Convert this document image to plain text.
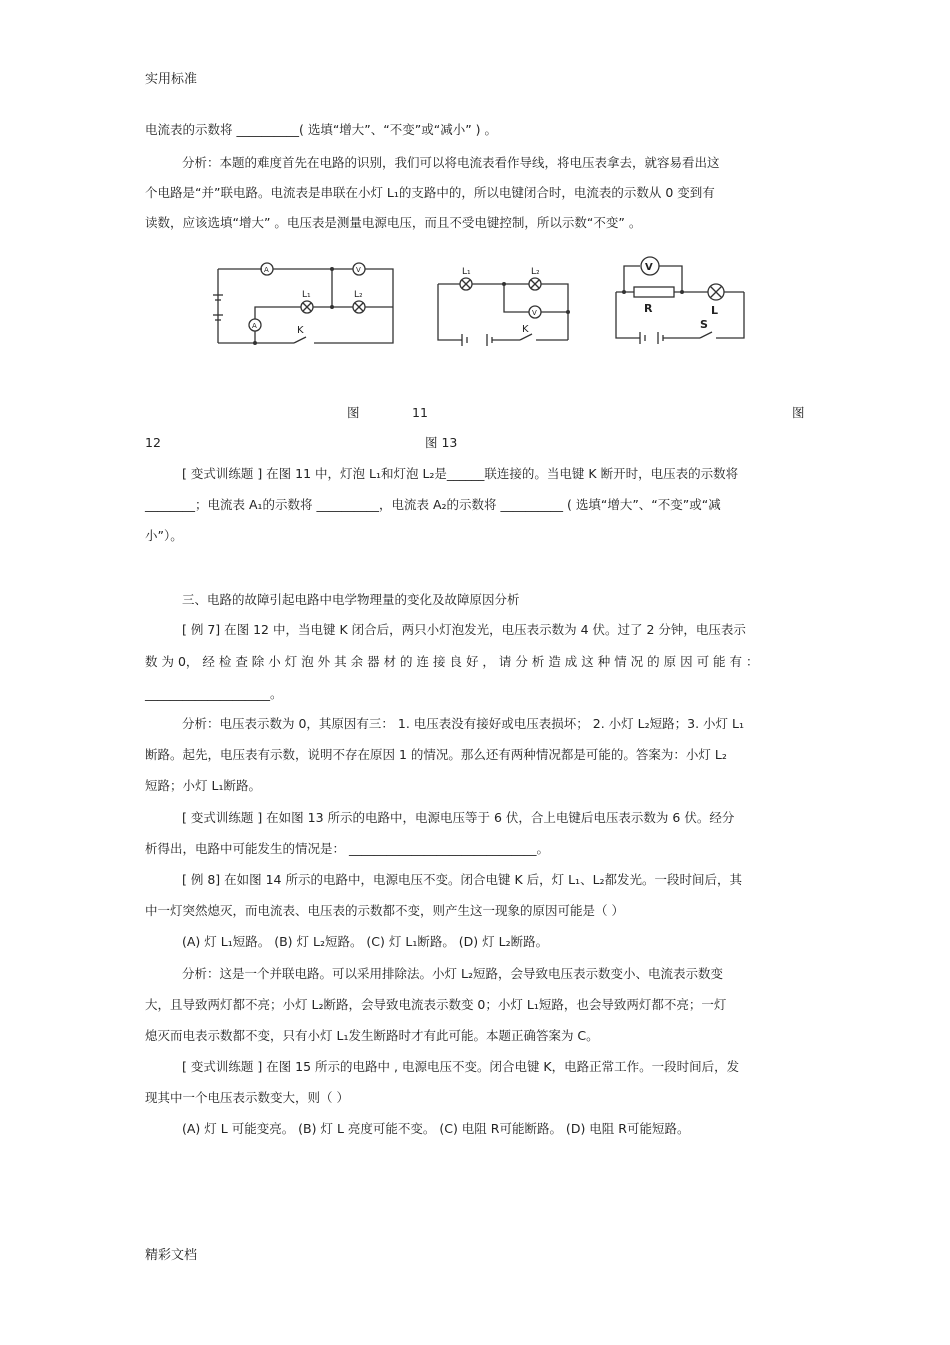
实用标准
电流表的示数将 __________( 选填“增大”、“不变”或“减小” ) 。
分析：本题的难度首先在电路的识别，我们可以将电流表看作导线，将电压表拿去，就容易看出这
个电路是“并”联电路。电流表是串联在小灯 L₁的支路中的，所以电键闭合时，电流表的示数从 0 变到有
读数，应该选填“增大” 。电压表是测量电源电压，而且不受电键控制，所以示数“不变” 。
A	V
K
A
L₁	L₂
L₁	L₂
V
K	S
R	L
V
图	11	图
12	图 13
[ 变式训练题 ] 在图 11 中，灯泡 L₁和灯泡 L₂是______联连接的。当电键 K 断开时，电压表的示数将
________；电流表 A₁的示数将 __________，电流表 A₂的示数将 __________ ( 选填“增大”、“不变”或“减
小”）。
三、电路的故障引起电路中电学物理量的变化及故障原因分析
[ 例 7] 在图 12 中，当电键 K 闭合后，两只小灯泡发光，电压表示数为 4 伏。过了 2 分钟，电压表示
数 为 0， 经 检 查 除 小 灯 泡 外 其 余 器 材 的 连 接 良 好 ， 请 分 析 造 成 这 种 情 况 的 原 因 可 能 有 ：
____________________。
分析：电压表示数为 0，其原因有三： 1. 电压表没有接好或电压表损坏； 2. 小灯 L₂短路；3. 小灯 L₁
断路。起先，电压表有示数，说明不存在原因 1 的情况。那么还有两种情况都是可能的。答案为：小灯 L₂
短路；小灯 L₁断路。
[ 变式训练题 ] 在如图 13 所示的电路中，电源电压等于 6 伏，合上电键后电压表示数为 6 伏。经分
析得出，电路中可能发生的情况是： ______________________________。
[ 例 8] 在如图 14 所示的电路中，电源电压不变。闭合电键 K 后，灯 L₁、L₂都发光。一段时间后，其
中一灯突然熄灭，而电流表、电压表的示数都不变，则产生这一现象的原因可能是（ ）
(A) 灯 L₁短路。 (B) 灯 L₂短路。 (C) 灯 L₁断路。 (D) 灯 L₂断路。
分析：这是一个并联电路。可以采用排除法。小灯 L₂短路，会导致电压表示数变小、电流表示数变
大，且导致两灯都不亮；小灯 L₂断路，会导致电流表示数变 0；小灯 L₁短路，也会导致两灯都不亮；一灯
熄灭而电表示数都不变，只有小灯 L₁发生断路时才有此可能。本题正确答案为 C。
[ 变式训练题 ] 在图 15 所示的电路中 , 电源电压不变。闭合电键 K，电路正常工作。一段时间后，发
现其中一个电压表示数变大，则（ ）
(A) 灯 L 可能变亮。 (B) 灯 L 亮度可能不变。 (C) 电阻 R可能断路。 (D) 电阻 R可能短路。
精彩文档
